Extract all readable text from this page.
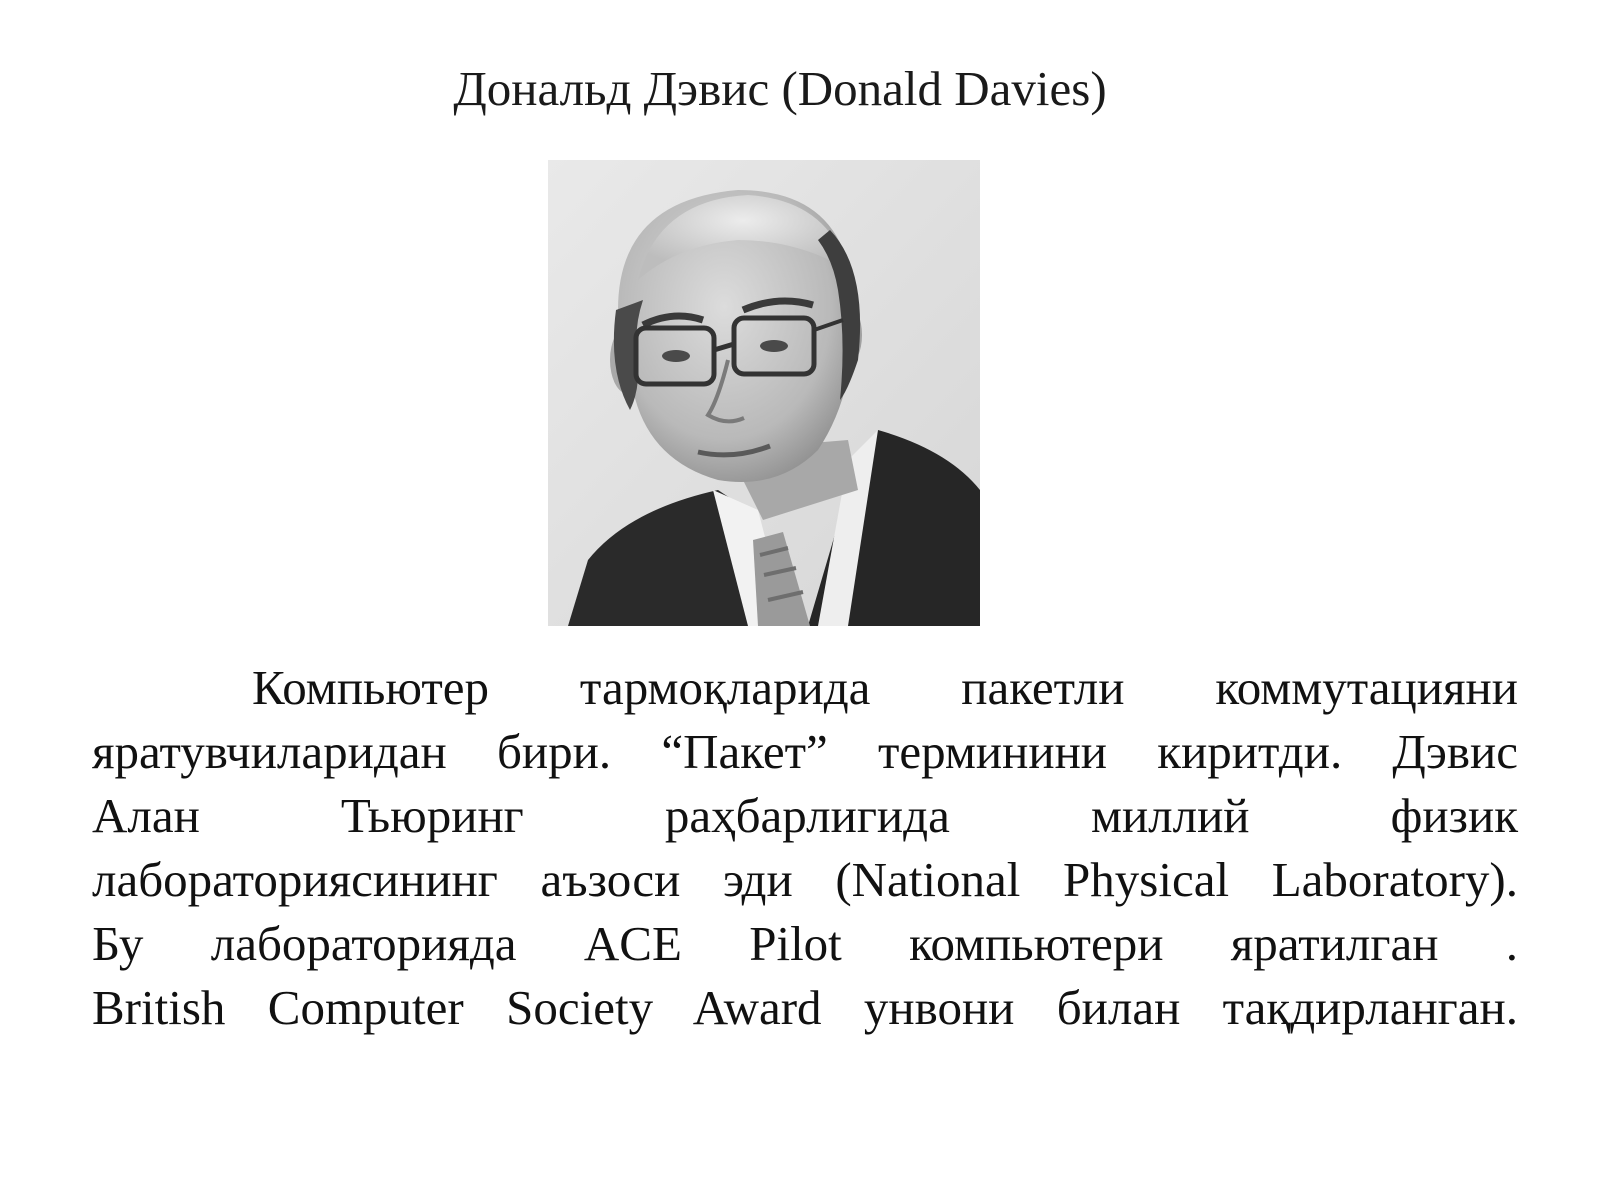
Дональд Дэвис (Donald Davies)
Компьютер тармоқларида пакетли коммутацияни
яратувчиларидан бири. “Пакет” терминини киритди. Дэвис
Алан Тьюринг раҳбарлигида миллий физик
лабораториясининг аъзоси эди (National Physical Laboratory).
Бу лабораторияда ACE Pilot компьютери яратилган .
British Computer Society Award унвони билан тақдирланган.
